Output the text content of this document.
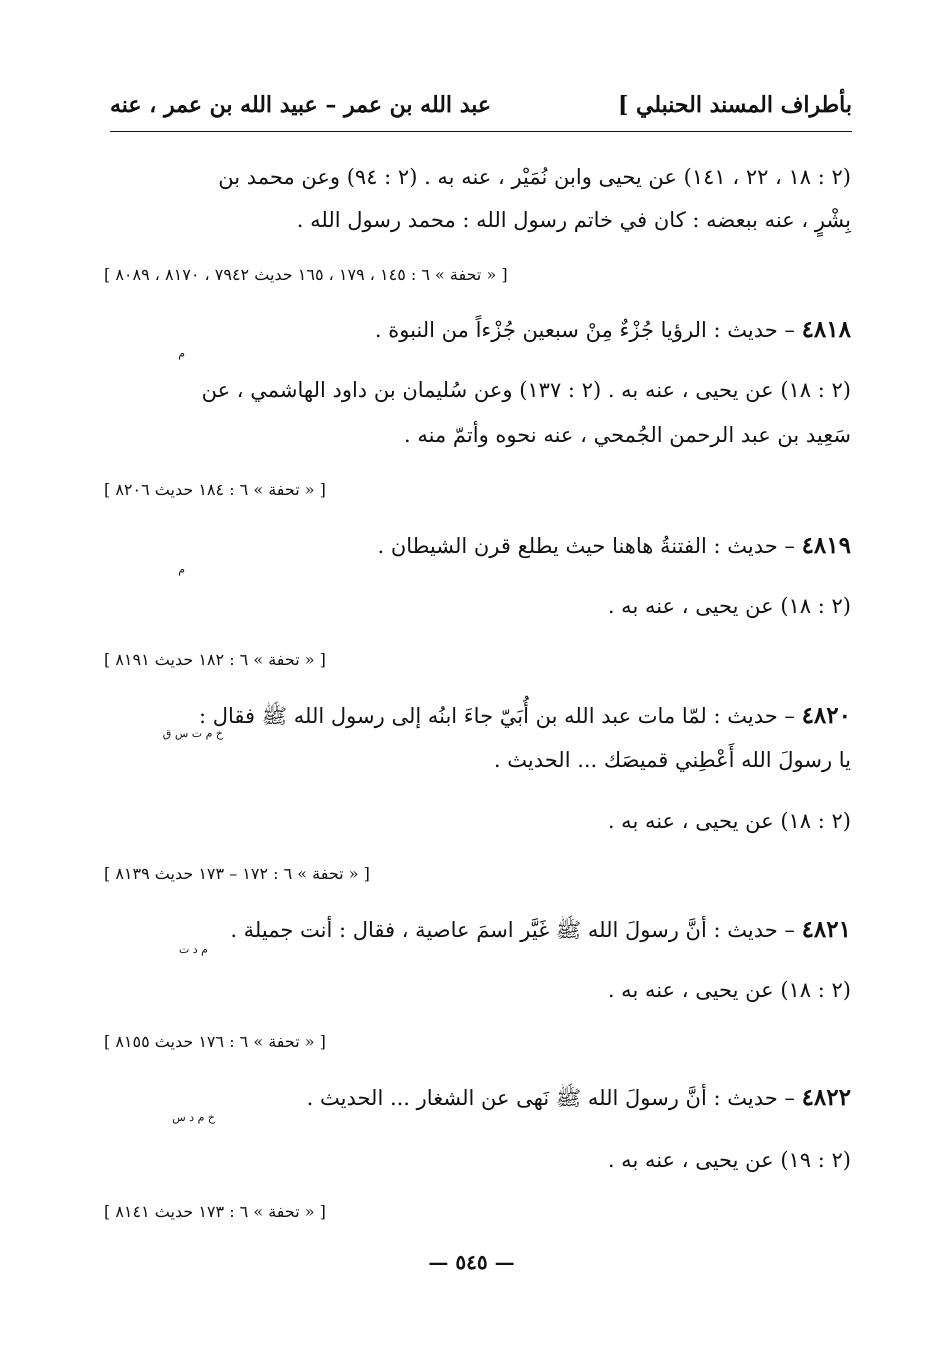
بأطراف المسند الحنبلي ]
عبد الله بن عمر – عبيد الله بن عمر ، عنه
(٢ : ١٨ ، ٢٢ ، ١٤١) عن يحيى وابن نُمَيْر ، عنه به . (٢ : ٩٤) وعن محمد بن
بِشْرٍ ، عنه ببعضه : كان في خاتم رسول الله : محمد رسول الله .
[ « تحفة » ٦ : ١٤٥ ، ١٧٩ ، ١٦٥ حديث ٧٩٤٢ ، ٨١٧٠ ، ٨٠٨٩ ]
٤٨١٨ – حديث : الرؤيا جُزْءٌ مِنْ سبعين جُزْءاً من النبوة .
م
(٢ : ١٨) عن يحيى ، عنه به . (٢ : ١٣٧) وعن سُليمان بن داود الهاشمي ، عن
سَعِيد بن عبد الرحمن الجُمحي ، عنه نحوه وأتمّ منه .
[ « تحفة » ٦ : ١٨٤ حديث ٨٢٠٦ ]
٤٨١٩ – حديث : الفتنةُ هاهنا حيث يطلع قرن الشيطان .
م
(٢ : ١٨) عن يحيى ، عنه به .
[ « تحفة » ٦ : ١٨٢ حديث ٨١٩١ ]
٤٨٢٠ – حديث : لمّا مات عبد الله بن أُبَيّ جاءَ ابنُه إلى رسول الله ﷺ فقال :
خ م ت س ق
يا رسولَ الله أَعْطِني قميصَك ... الحديث .
(٢ : ١٨) عن يحيى ، عنه به .
[ « تحفة » ٦ : ١٧٢ – ١٧٣ حديث ٨١٣٩ ]
٤٨٢١ – حديث : أنَّ رسولَ الله ﷺ غَيَّر اسمَ عاصية ، فقال : أنت جميلة .
م د ت
(٢ : ١٨) عن يحيى ، عنه به .
[ « تحفة » ٦ : ١٧٦ حديث ٨١٥٥ ]
٤٨٢٢ – حديث : أنَّ رسولَ الله ﷺ نَهى عن الشغار ... الحديث .
خ م د س
(٢ : ١٩) عن يحيى ، عنه به .
[ « تحفة » ٦ : ١٧٣ حديث ٨١٤١ ]
— ٥٤٥ —
